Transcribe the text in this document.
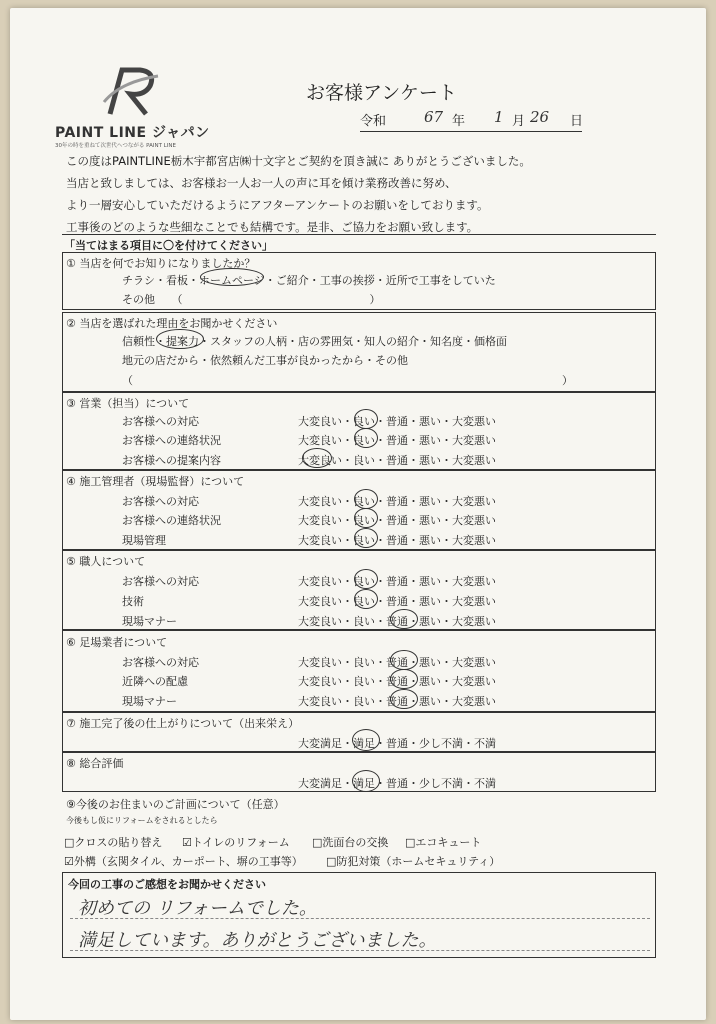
PAINT LINE ジャパン
30年の時を重ねて次世代へつながる PAINT LINE
お客様アンケート
令和	67 年 1 月 26 日
この度はPAINTLINE栃木宇都宮店㈱十文字とご契約を頂き誠に ありがとうございました。
当店と致しましては、お客様お一人お一人の声に耳を傾け業務改善に努め、
より一層安心していただけるようにアフターアンケートのお願いをしております。
工事後のどのような些細なことでも結構です。是非、ご協力をお願い致します。
「当てはまる項目に〇を付けてください」
① 当店を何でお知りになりましたか？
チラシ・看板・ホームページ・ご紹介・工事の挨拶・近所で工事をしていた
その他　　（　　　　　　　　　　　　　　　　　）
② 当店を選ばれた理由をお聞かせください
信頼性・提案力・スタッフの人柄・店の雰囲気・知人の紹介・知名度・価格面
地元の店だから・依然頼んだ工事が良かったから・その他
（　　　　　　　　　　　　　　　　　　　　　　　　　　　　　　　　　　　　　　　）
③ 営業（担当）について
お客様への対応
お客様への連絡状況
お客様への提案内容
大変良い・良い・普通・悪い・大変悪い
大変良い・良い・普通・悪い・大変悪い
大変良い・良い・普通・悪い・大変悪い
④ 施工管理者（現場監督）について
お客様への対応
お客様への連絡状況
現場管理
大変良い・良い・普通・悪い・大変悪い
大変良い・良い・普通・悪い・大変悪い
大変良い・良い・普通・悪い・大変悪い
⑤ 職人について
お客様への対応
技術
現場マナー
大変良い・良い・普通・悪い・大変悪い
大変良い・良い・普通・悪い・大変悪い
大変良い・良い・普通・悪い・大変悪い
⑥ 足場業者について
お客様への対応
近隣への配慮
現場マナー
大変良い・良い・普通・悪い・大変悪い
大変良い・良い・普通・悪い・大変悪い
大変良い・良い・普通・悪い・大変悪い
⑦ 施工完了後の仕上がりについて（出来栄え）
大変満足・満足・普通・少し不満・不満
⑧ 総合評価
大変満足・満足・普通・少し不満・不満
⑨今後のお住まいのご計画について（任意）
今後もし仮にリフォームをされるとしたら
□クロスの貼り替え ☑トイレのリフォーム □洗面台の交換 □エコキュート
☑外構（玄関タイル、カーポート、塀の工事等） □防犯対策（ホームセキュリティ）
今回の工事のご感想をお聞かせください
初めての リフォームでした。
満足しています。ありがとうございました。
